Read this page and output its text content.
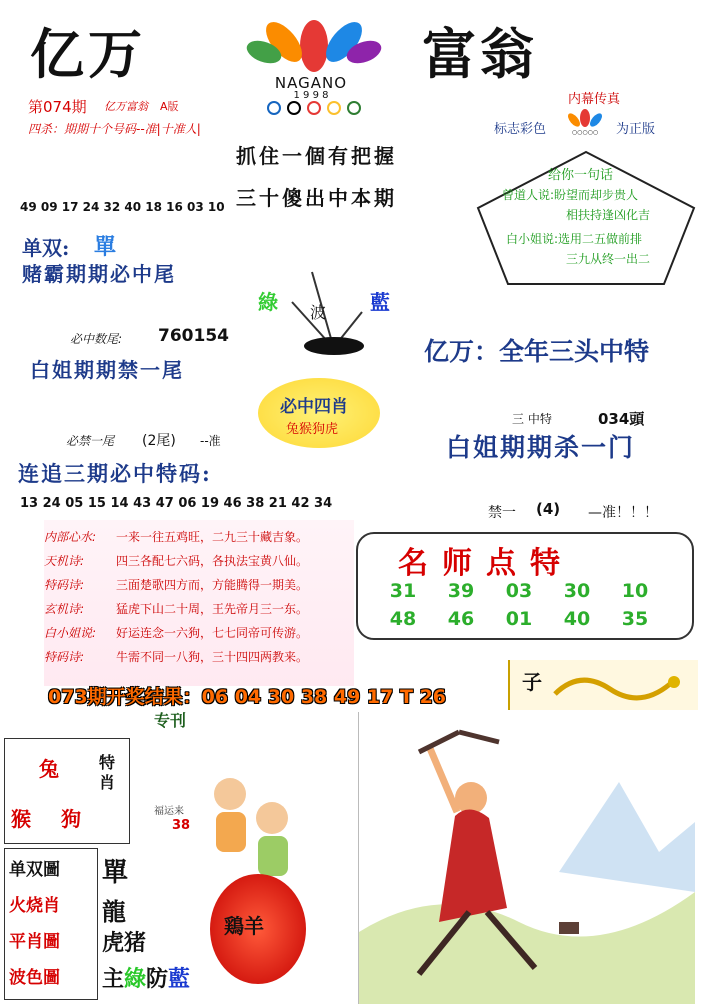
亿万	富翁
NAGANO
1 9 9 8
第074期 亿万富翁 A版
四杀：期期十个号码--准|十准人|
内幕传真
标志彩色	○○○○○ 为正版
抓住一個有把握
三十傻出中本期
给你一句话
曾道人说:盼望而却步贵人
相扶持逢凶化吉
白小姐说:选用二五做前排
三九从终一出二
49 09 17 24 32 40 18 16 03 10
单双: 單
赌霸期期必中尾
綠 波 藍
必中数尾: 760154
白姐期期禁一尾
亿万：全年三头中特
必中四肖
兔猴狗虎
三 中特	034頭
必禁一尾 (2尾) --准	白姐期期杀一门
连追三期必中特码:
13 24 05 15 14 43 47 06 19 46 38 21 42 34
禁一 (4) —准！！！
内部心水:	一来一往五鸡旺，二九三十藏吉象。
天机诗:	四三各配七六码，各执法宝黄八仙。
特码诗:	三面楚歌四方而，方能腾得一期美。
玄机诗:	猛虎下山二十周，王先帝月三一东。
白小姐说:	好运连念一六狗，七七同帝可传游。
特码诗:	牛需不同一八狗，三十四四两教来。
名师点特
31	39	03	30	10
48	46	01	40	35
073期开奖结果：06 04 30 38 49 17 T 26
子
专刊
兔
猴 狗
特肖
福运来
38
单双圖
火烧肖
平肖圖
波色圖
單
龍
虎猪
主綠防藍
鶏羊
